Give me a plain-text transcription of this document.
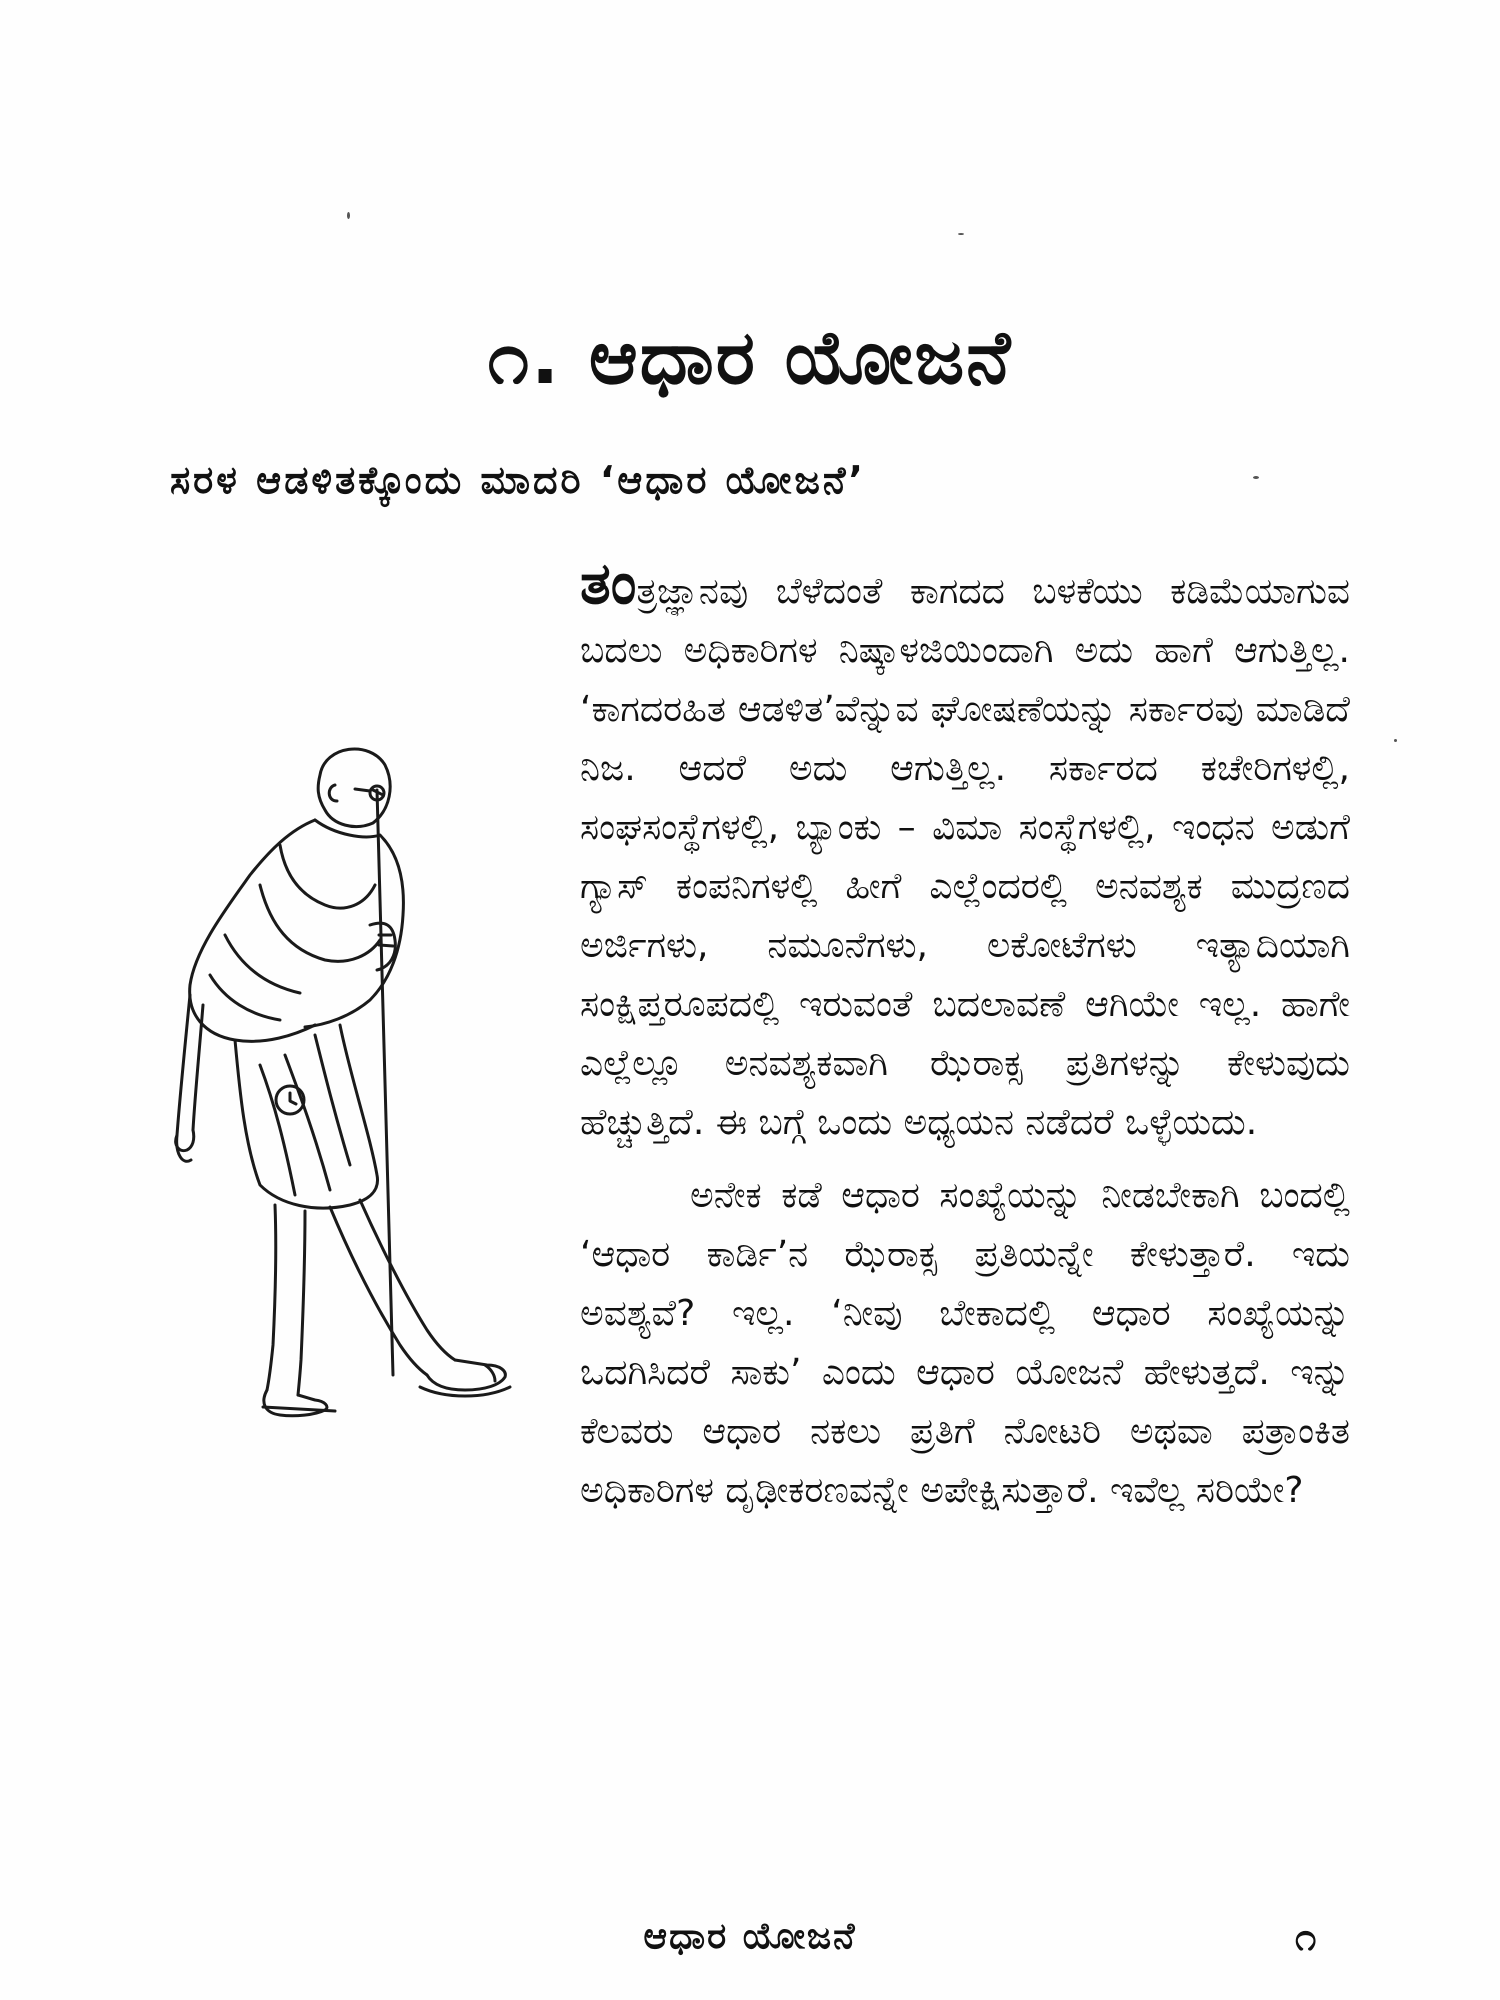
೧. ಆಧಾರ ಯೋಜನೆ
ಸರಳ ಆಡಳಿತಕ್ಕೊಂದು ಮಾದರಿ ‘ಆಧಾರ ಯೋಜನೆ’

ತಂತ್ರಜ್ಞಾನವು ಬೆಳೆದಂತೆ ಕಾಗದದ ಬಳಕೆಯು ಕಡಿಮೆಯಾಗುವ ಬದಲು ಅಧಿಕಾರಿಗಳ ನಿಷ್ಕಾಳಜಿಯಿಂದಾಗಿ ಅದು ಹಾಗೆ ಆಗುತ್ತಿಲ್ಲ. ‘ಕಾಗದರಹಿತ ಆಡಳಿತ’ವೆನ್ನುವ ಘೋಷಣೆಯನ್ನು ಸರ್ಕಾರವು ಮಾಡಿದೆ ನಿಜ. ಆದರೆ ಅದು ಆಗುತ್ತಿಲ್ಲ. ಸರ್ಕಾರದ ಕಚೇರಿಗಳಲ್ಲಿ, ಸಂಘಸಂಸ್ಥೆಗಳಲ್ಲಿ, ಬ್ಯಾಂಕು – ವಿಮಾ ಸಂಸ್ಥೆಗಳಲ್ಲಿ, ಇಂಧನ ಅಡುಗೆ ಗ್ಯಾಸ್ ಕಂಪನಿಗಳಲ್ಲಿ ಹೀಗೆ ಎಲ್ಲೆಂದರಲ್ಲಿ ಅನವಶ್ಯಕ ಮುದ್ರಣದ ಅರ್ಜಿಗಳು, ನಮೂನೆಗಳು, ಲಕೋಟೆಗಳು ಇತ್ಯಾದಿಯಾಗಿ ಸಂಕ್ಷಿಪ್ತರೂಪದಲ್ಲಿ ಇರುವಂತೆ ಬದಲಾವಣೆ ಆಗಿಯೇ ಇಲ್ಲ. ಹಾಗೇ ಎಲ್ಲೆಲ್ಲೂ ಅನವಶ್ಯಕವಾಗಿ ಝೆರಾಕ್ಸ ಪ್ರತಿಗಳನ್ನು ಕೇಳುವುದು ಹೆಚ್ಚುತ್ತಿದೆ. ಈ ಬಗ್ಗೆ ಒಂದು ಅಧ್ಯಯನ ನಡೆದರೆ ಒಳ್ಳೆಯದು.

ಅನೇಕ ಕಡೆ ಆಧಾರ ಸಂಖ್ಯೆಯನ್ನು ನೀಡಬೇಕಾಗಿ ಬಂದಲ್ಲಿ ‘ಆಧಾರ ಕಾರ್ಡಿ’ನ ಝೆರಾಕ್ಸ ಪ್ರತಿಯನ್ನೇ ಕೇಳುತ್ತಾರೆ. ಇದು ಅವಶ್ಯವೆ? ಇಲ್ಲ. ‘ನೀವು ಬೇಕಾದಲ್ಲಿ ಆಧಾರ ಸಂಖ್ಯೆಯನ್ನು ಒದಗಿಸಿದರೆ ಸಾಕು’ ಎಂದು ಆಧಾರ ಯೋಜನೆ ಹೇಳುತ್ತದೆ. ಇನ್ನು ಕೆಲವರು ಆಧಾರ ನಕಲು ಪ್ರತಿಗೆ ನೋಟರಿ ಅಥವಾ ಪತ್ರಾಂಕಿತ ಅಧಿಕಾರಿಗಳ ದೃಢೀಕರಣವನ್ನೇ ಅಪೇಕ್ಷಿಸುತ್ತಾರೆ. ಇವೆಲ್ಲ ಸರಿಯೇ?

ಆಧಾರ ಯೋಜನೆ	೧
